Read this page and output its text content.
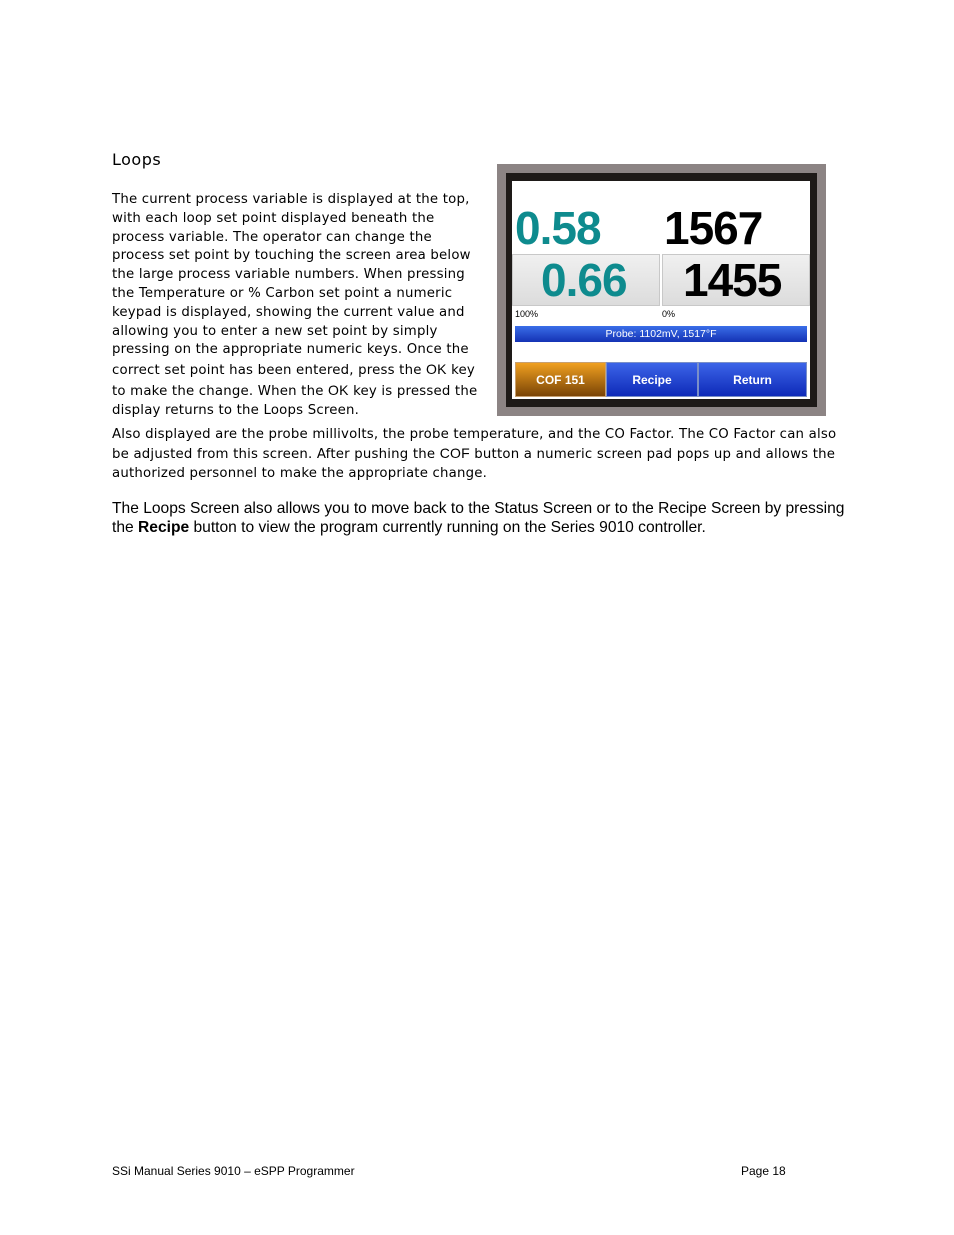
Loops
The current process variable is displayed at the top, with each loop set point displayed beneath the process variable. The operator can change the process set point by touching the screen area below the large process variable numbers. When pressing the Temperature or % Carbon set point a numeric keypad is displayed, showing the current value and allowing you to enter a new set point by simply pressing on the appropriate numeric keys. Once the correct set point has been entered, press the OK key to make the change. When the OK key is pressed the display returns to the Loops Screen.
0.58 1567
0.66 1455
100%	0%
Probe: 1102mV, 1517°F
COF 151	Recipe	Return
Also displayed are the probe millivolts, the probe temperature, and the CO Factor. The CO Factor can also be adjusted from this screen. After pushing the COF button a numeric screen pad pops up and allows the authorized personnel to make the appropriate change.
The Loops Screen also allows you to move back to the Status Screen or to the Recipe Screen by pressing the Recipe button to view the program currently running on the Series 9010 controller.
SSi Manual Series 9010 – eSPP Programmer	Page 18
